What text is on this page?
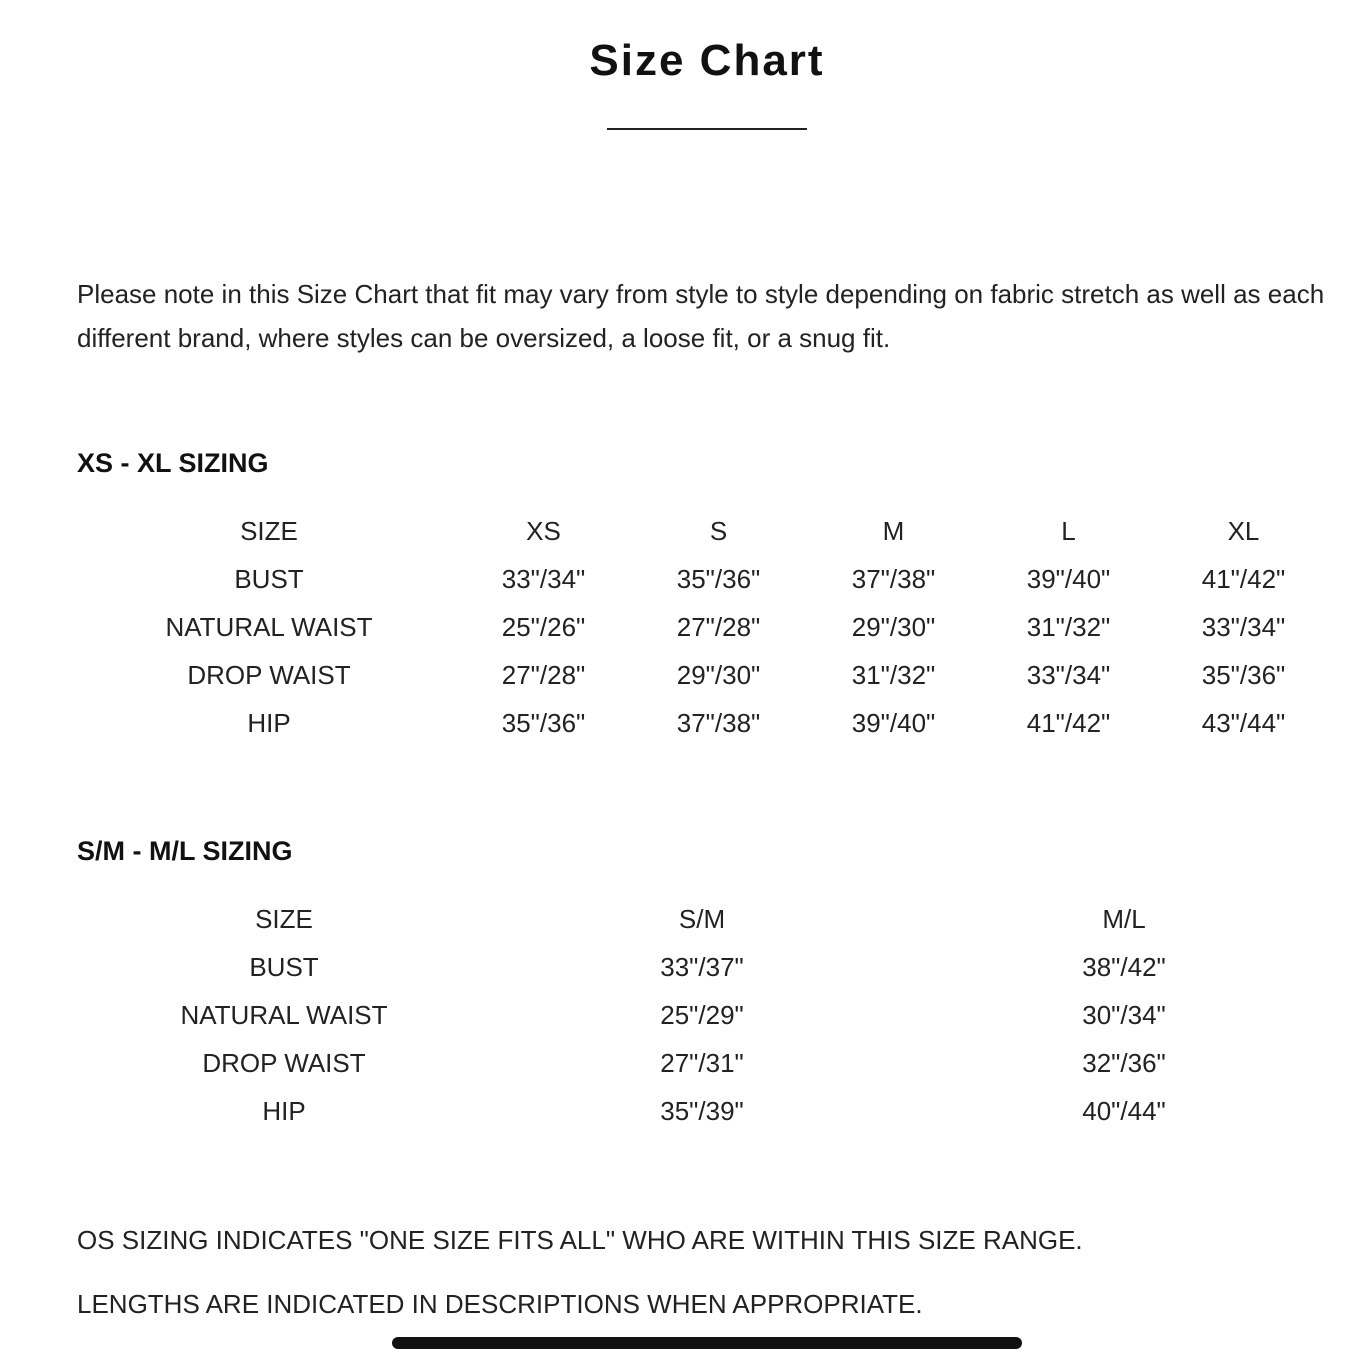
Size Chart

Please note in this Size Chart that fit may vary from style to style depending on fabric stretch as well as each different brand, where styles can be oversized, a loose fit, or a snug fit.

XS - XL SIZING
SIZE	XS	S	M	L	XL
BUST	33"/34"	35"/36"	37"/38"	39"/40"	41"/42"
NATURAL WAIST	25"/26"	27"/28"	29"/30"	31"/32"	33"/34"
DROP WAIST	27"/28"	29"/30"	31"/32"	33"/34"	35"/36"
HIP	35"/36"	37"/38"	39"/40"	41"/42"	43"/44"
S/M - M/L SIZING
SIZE	S/M	M/L
BUST	33"/37"	38"/42"
NATURAL WAIST	25"/29"	30"/34"
DROP WAIST	27"/31"	32"/36"
HIP	35"/39"	40"/44"
OS SIZING INDICATES "ONE SIZE FITS ALL" WHO ARE WITHIN THIS SIZE RANGE.
LENGTHS ARE INDICATED IN DESCRIPTIONS WHEN APPROPRIATE.
